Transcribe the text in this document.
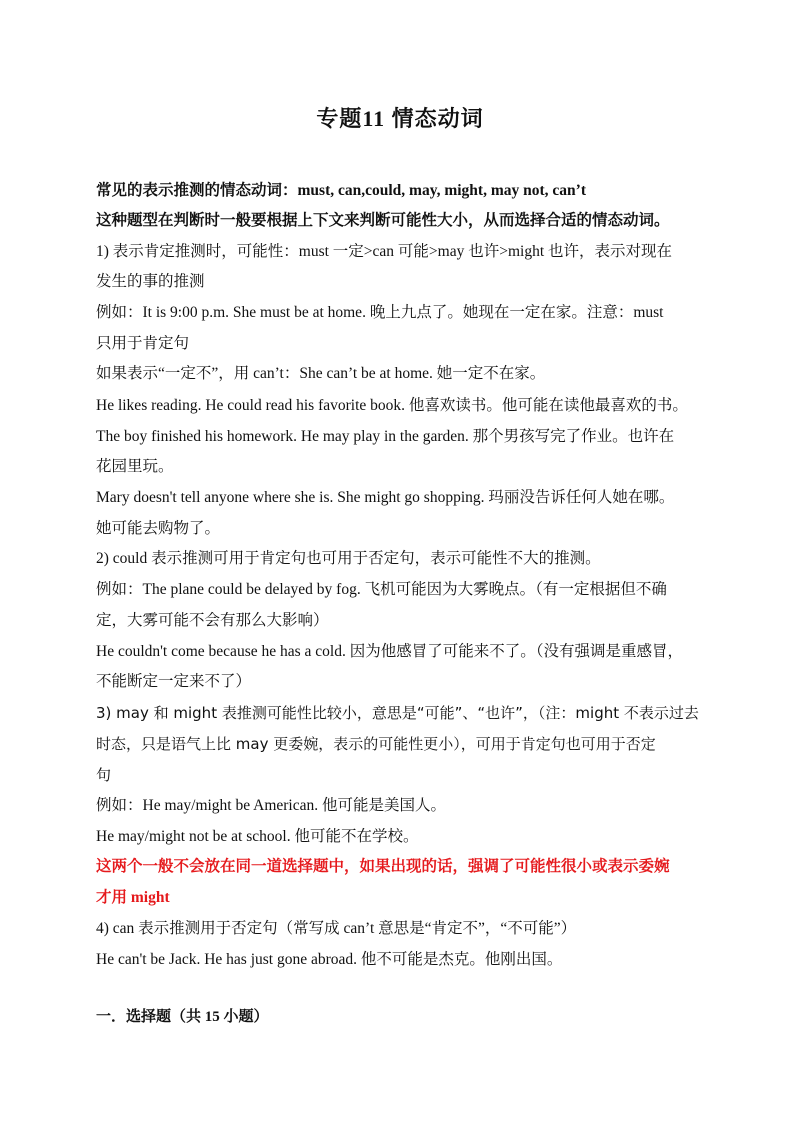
专题11 情态动词
常见的表示推测的情态动词：must, can,could, may, might, may not, can’t
这种题型在判断时一般要根据上下文来判断可能性大小，从而选择合适的情态动词。
1) 表示肯定推测时，可能性：must 一定>can 可能>may 也许>might 也许，表示对现在
发生的事的推测
例如：It is 9:00 p.m. She must be at home. 晚上九点了。她现在一定在家。注意：must
只用于肯定句
如果表示“一定不”，用 can’t：She can’t be at home. 她一定不在家。
He likes reading. He could read his favorite book. 他喜欢读书。他可能在读他最喜欢的书。
The boy finished his homework. He may play in the garden. 那个男孩写完了作业。也许在
花园里玩。
Mary doesn't tell anyone where she is. She might go shopping. 玛丽没告诉任何人她在哪。
她可能去购物了。
2) could 表示推测可用于肯定句也可用于否定句，表示可能性不大的推测。
例如：The plane could be delayed by fog. 飞机可能因为大雾晚点。（有一定根据但不确
定，大雾可能不会有那么大影响）
He couldn't come because he has a cold. 因为他感冒了可能来不了。（没有强调是重感冒，
不能断定一定来不了）
3) may 和 might 表推测可能性比较小，意思是“可能”、“也许”，（注：might 不表示过去
时态，只是语气上比 may 更委婉，表示的可能性更小），可用于肯定句也可用于否定
句
例如：He may/might be American. 他可能是美国人。
He may/might not be at school. 他可能不在学校。
这两个一般不会放在同一道选择题中，如果出现的话，强调了可能性很小或表示委婉
才用 might
4) can 表示推测用于否定句（常写成 can’t 意思是“肯定不”，“不可能”）
He can't be Jack. He has just gone abroad. 他不可能是杰克。他刚出国。
一．选择题（共 15 小题）
